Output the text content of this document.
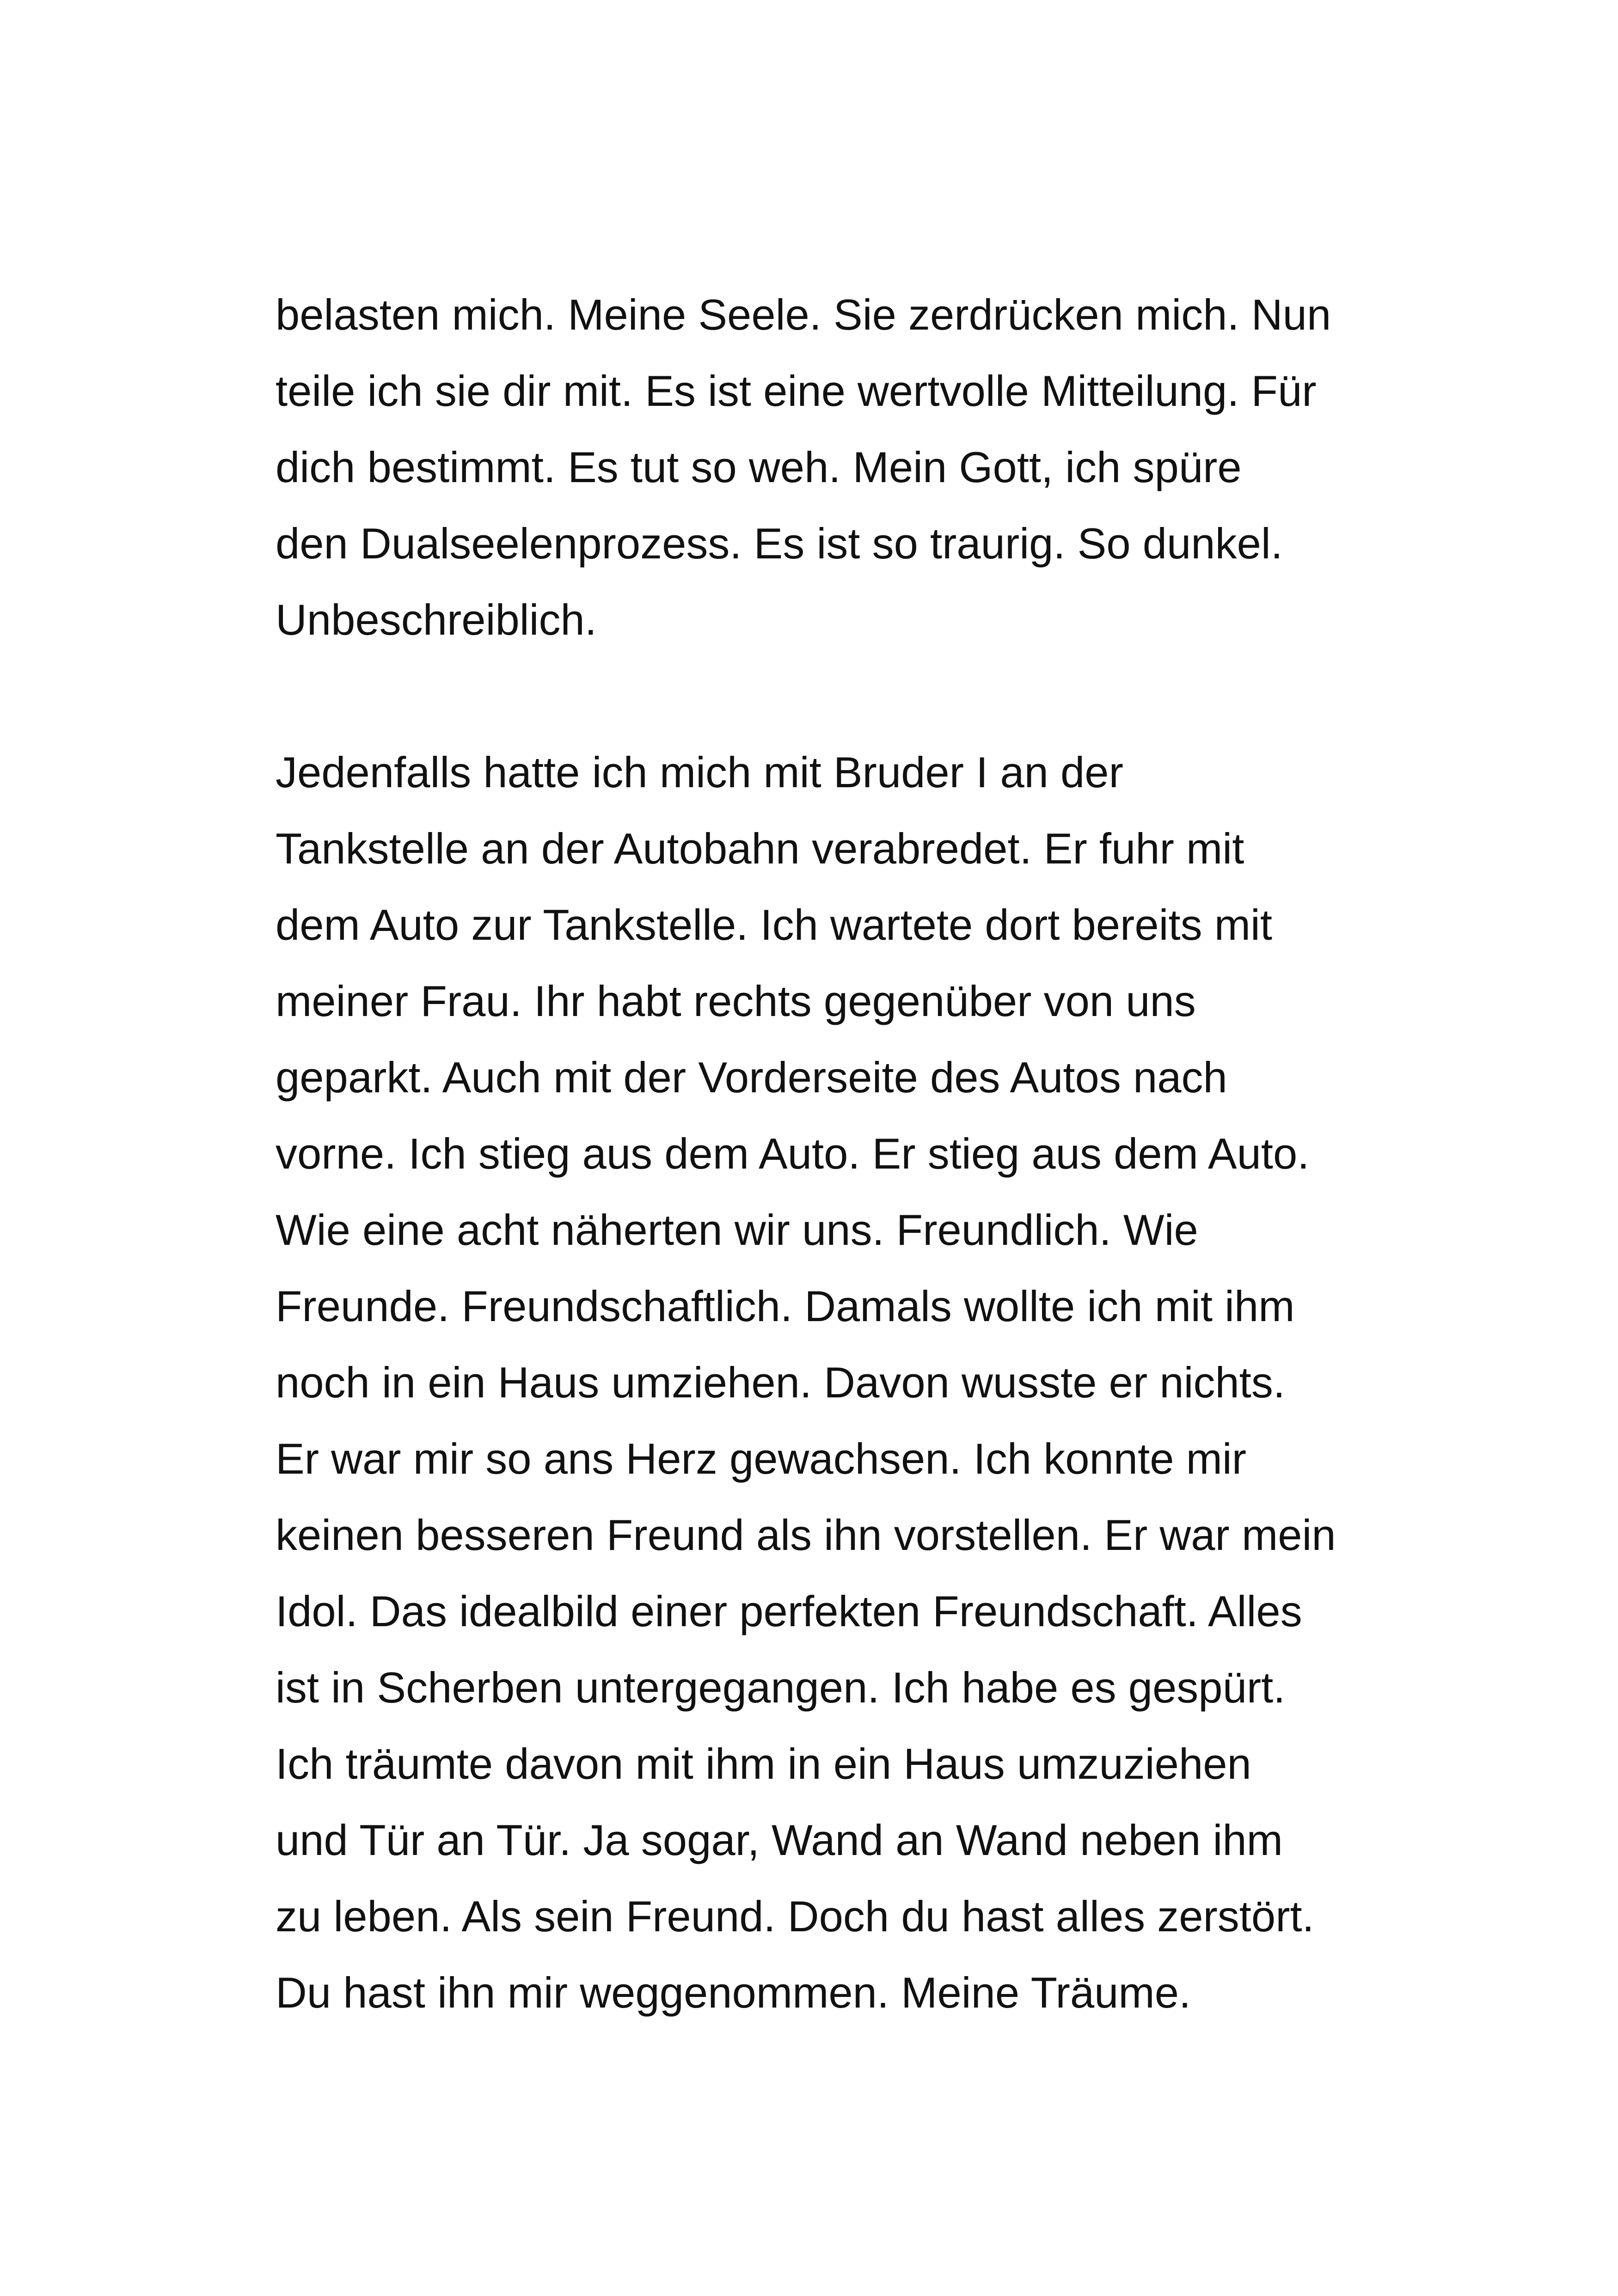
belasten mich. Meine Seele. Sie zerdrücken mich. Nun
teile ich sie dir mit. Es ist eine wertvolle Mitteilung. Für
dich bestimmt. Es tut so weh. Mein Gott, ich spüre
den Dualseelenprozess. Es ist so traurig. So dunkel.
Unbeschreiblich.
Jedenfalls hatte ich mich mit Bruder I an der
Tankstelle an der Autobahn verabredet. Er fuhr mit
dem Auto zur Tankstelle. Ich wartete dort bereits mit
meiner Frau. Ihr habt rechts gegenüber von uns
geparkt. Auch mit der Vorderseite des Autos nach
vorne. Ich stieg aus dem Auto. Er stieg aus dem Auto.
Wie eine acht näherten wir uns. Freundlich. Wie
Freunde. Freundschaftlich. Damals wollte ich mit ihm
noch in ein Haus umziehen. Davon wusste er nichts.
Er war mir so ans Herz gewachsen. Ich konnte mir
keinen besseren Freund als ihn vorstellen. Er war mein
Idol. Das idealbild einer perfekten Freundschaft. Alles
ist in Scherben untergegangen. Ich habe es gespürt.
Ich träumte davon mit ihm in ein Haus umzuziehen
und Tür an Tür. Ja sogar, Wand an Wand neben ihm
zu leben. Als sein Freund. Doch du hast alles zerstört.
Du hast ihn mir weggenommen. Meine Träume.
